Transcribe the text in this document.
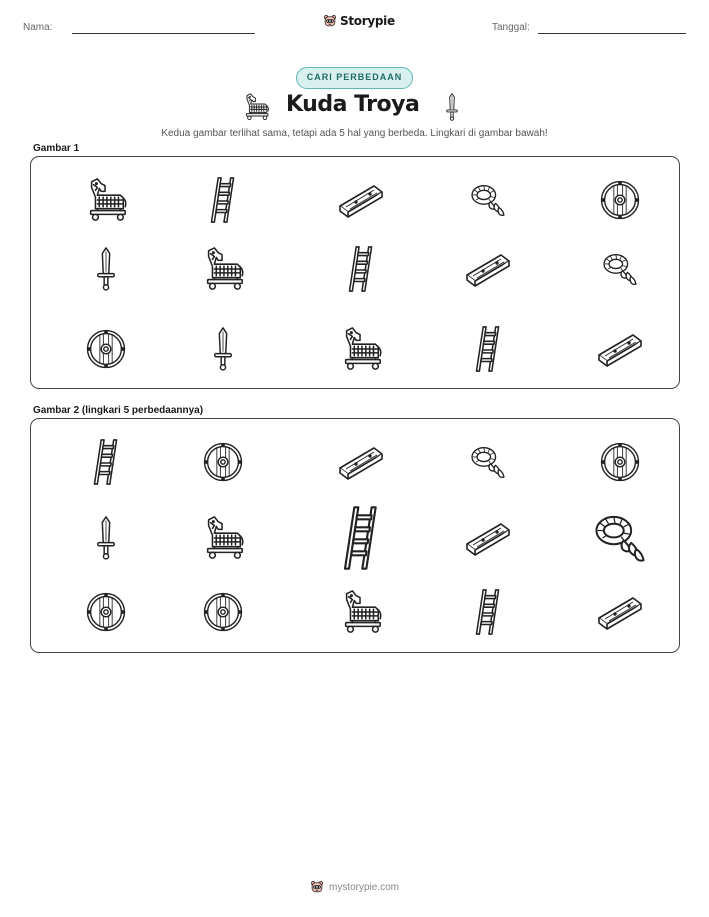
Nama:	Storypie	Tanggal:
CARI PERBEDAAN
Kuda Troya
Kedua gambar terlihat sama, tetapi ada 5 hal yang berbeda. Lingkari di gambar bawah!
Gambar 1
Gambar 2 (lingkari 5 perbedaannya)
mystorypie.com
